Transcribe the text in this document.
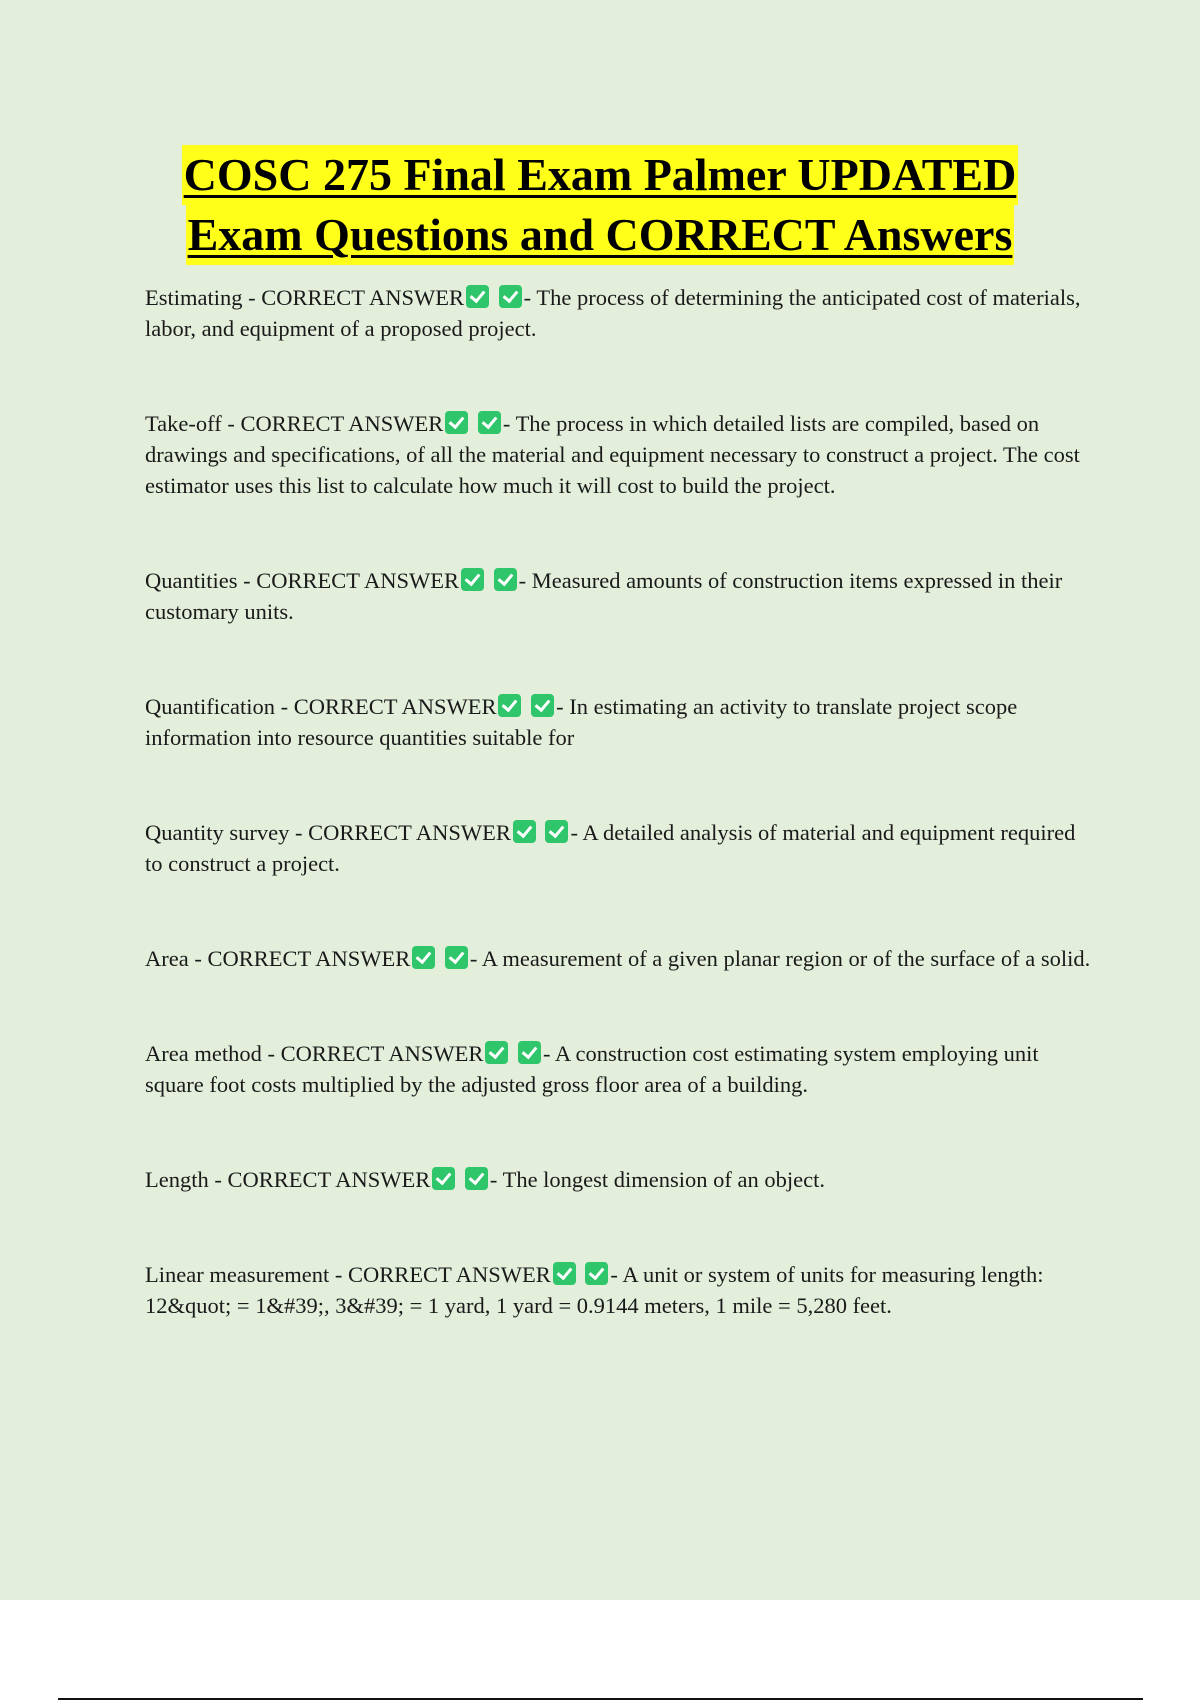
COSC 275 Final Exam Palmer UPDATED
Exam Questions and CORRECT Answers

Estimating - CORRECT ANSWER	- The process of determining the anticipated cost of materials, labor, and equipment of a proposed project.

Take-off - CORRECT ANSWER	- The process in which detailed lists are compiled, based on drawings and specifications, of all the material and equipment necessary to construct a project. The cost estimator uses this list to calculate how much it will cost to build the project.

Quantities - CORRECT ANSWER	- Measured amounts of construction items expressed in their customary units.

Quantification - CORRECT ANSWER	- In estimating an activity to translate project scope information into resource quantities suitable for

Quantity survey - CORRECT ANSWER	- A detailed analysis of material and equipment required to construct a project.

Area - CORRECT ANSWER	- A measurement of a given planar region or of the surface of a solid.

Area method - CORRECT ANSWER	- A construction cost estimating system employing unit square foot costs multiplied by the adjusted gross floor area of a building.

Length - CORRECT ANSWER	- The longest dimension of an object.

Linear measurement - CORRECT ANSWER	- A unit or system of units for measuring length: 12&quot; = 1&#39;, 3&#39; = 1 yard, 1 yard = 0.9144 meters, 1 mile = 5,280 feet.
